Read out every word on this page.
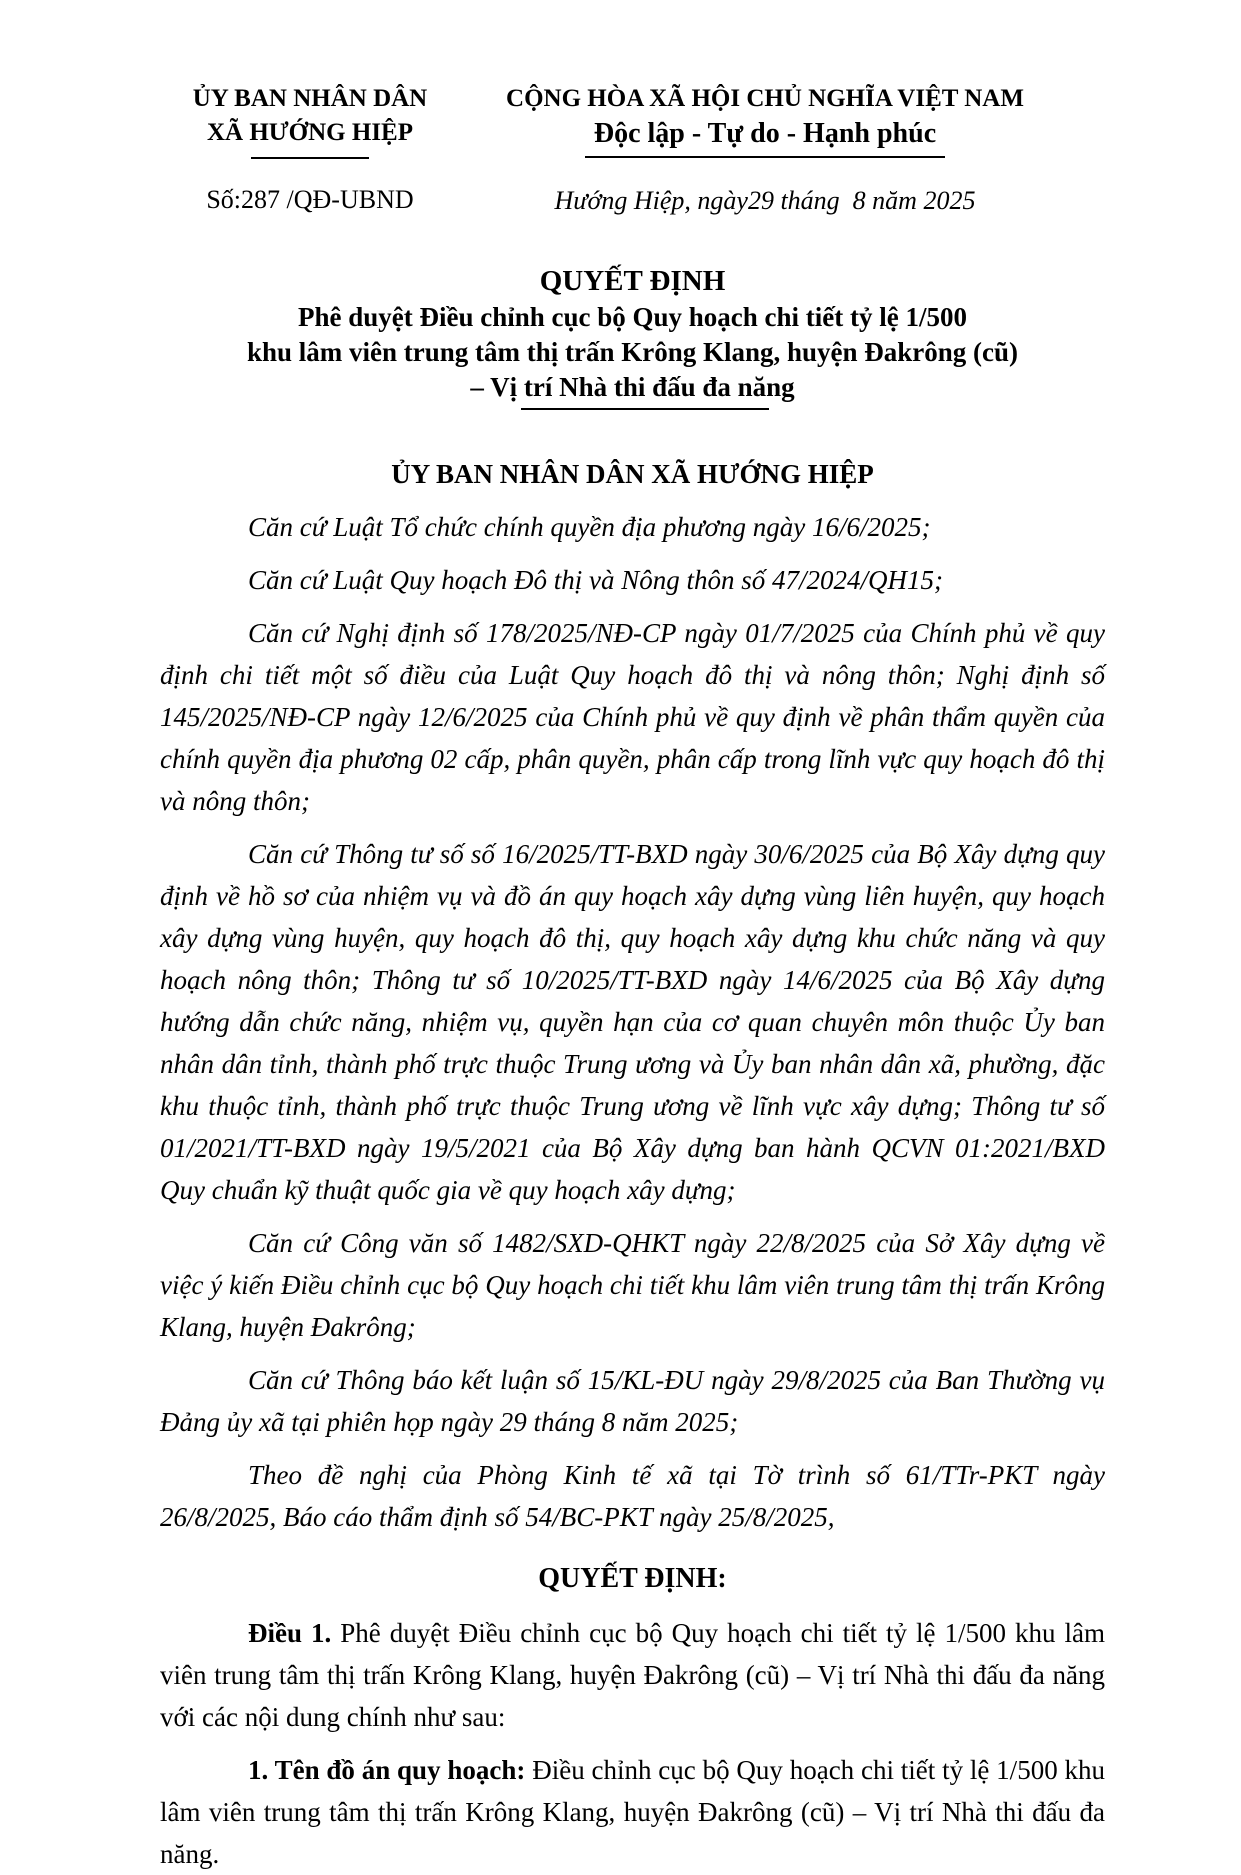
ỦY BAN NHÂN DÂN
XÃ HƯỚNG HIỆP
Số:287 /QĐ-UBND
CỘNG HÒA XÃ HỘI CHỦ NGHĨA VIỆT NAM
Độc lập - Tự do - Hạnh phúc
Hướng Hiệp, ngày29 tháng  8 năm 2025
QUYẾT ĐỊNH
Phê duyệt Điều chỉnh cục bộ Quy hoạch chi tiết tỷ lệ 1/500
khu lâm viên trung tâm thị trấn Krông Klang, huyện Đakrông (cũ)
– Vị trí Nhà thi đấu đa năng
ỦY BAN NHÂN DÂN XÃ HƯỚNG HIỆP

Căn cứ Luật Tổ chức chính quyền địa phương ngày 16/6/2025;

Căn cứ Luật Quy hoạch Đô thị và Nông thôn số 47/2024/QH15;

Căn cứ Nghị định số 178/2025/NĐ-CP ngày 01/7/2025 của Chính phủ về quy định chi tiết một số điều của Luật Quy hoạch đô thị và nông thôn; Nghị định số 145/2025/NĐ-CP ngày 12/6/2025 của Chính phủ về quy định về phân thẩm quyền của chính quyền địa phương 02 cấp, phân quyền, phân cấp trong lĩnh vực quy hoạch đô thị và nông thôn;

Căn cứ Thông tư số số 16/2025/TT-BXD ngày 30/6/2025 của Bộ Xây dựng quy định về hồ sơ của nhiệm vụ và đồ án quy hoạch xây dựng vùng liên huyện, quy hoạch xây dựng vùng huyện, quy hoạch đô thị, quy hoạch xây dựng khu chức năng và quy hoạch nông thôn; Thông tư số 10/2025/TT-BXD ngày 14/6/2025 của Bộ Xây dựng hướng dẫn chức năng, nhiệm vụ, quyền hạn của cơ quan chuyên môn thuộc Ủy ban nhân dân tỉnh, thành phố trực thuộc Trung ương và Ủy ban nhân dân xã, phường, đặc khu thuộc tỉnh, thành phố trực thuộc Trung ương về lĩnh vực xây dựng; Thông tư số 01/2021/TT-BXD ngày 19/5/2021 của Bộ Xây dựng ban hành QCVN 01:2021/BXD Quy chuẩn kỹ thuật quốc gia về quy hoạch xây dựng;

Căn cứ Công văn số 1482/SXD-QHKT ngày 22/8/2025 của Sở Xây dựng về việc ý kiến Điều chỉnh cục bộ Quy hoạch chi tiết khu lâm viên trung tâm thị trấn Krông Klang, huyện Đakrông;

Căn cứ Thông báo kết luận số 15/KL-ĐU ngày 29/8/2025 của Ban Thường vụ Đảng ủy xã tại phiên họp ngày 29 tháng 8 năm 2025;

Theo đề nghị của Phòng Kinh tế xã tại Tờ trình số 61/TTr-PKT ngày 26/8/2025, Báo cáo thẩm định số 54/BC-PKT ngày 25/8/2025,

QUYẾT ĐỊNH:

Điều 1. Phê duyệt Điều chỉnh cục bộ Quy hoạch chi tiết tỷ lệ 1/500 khu lâm viên trung tâm thị trấn Krông Klang, huyện Đakrông (cũ) – Vị trí Nhà thi đấu đa năng với các nội dung chính như sau:

1. Tên đồ án quy hoạch: Điều chỉnh cục bộ Quy hoạch chi tiết tỷ lệ 1/500 khu lâm viên trung tâm thị trấn Krông Klang, huyện Đakrông (cũ) – Vị trí Nhà thi đấu đa năng.
